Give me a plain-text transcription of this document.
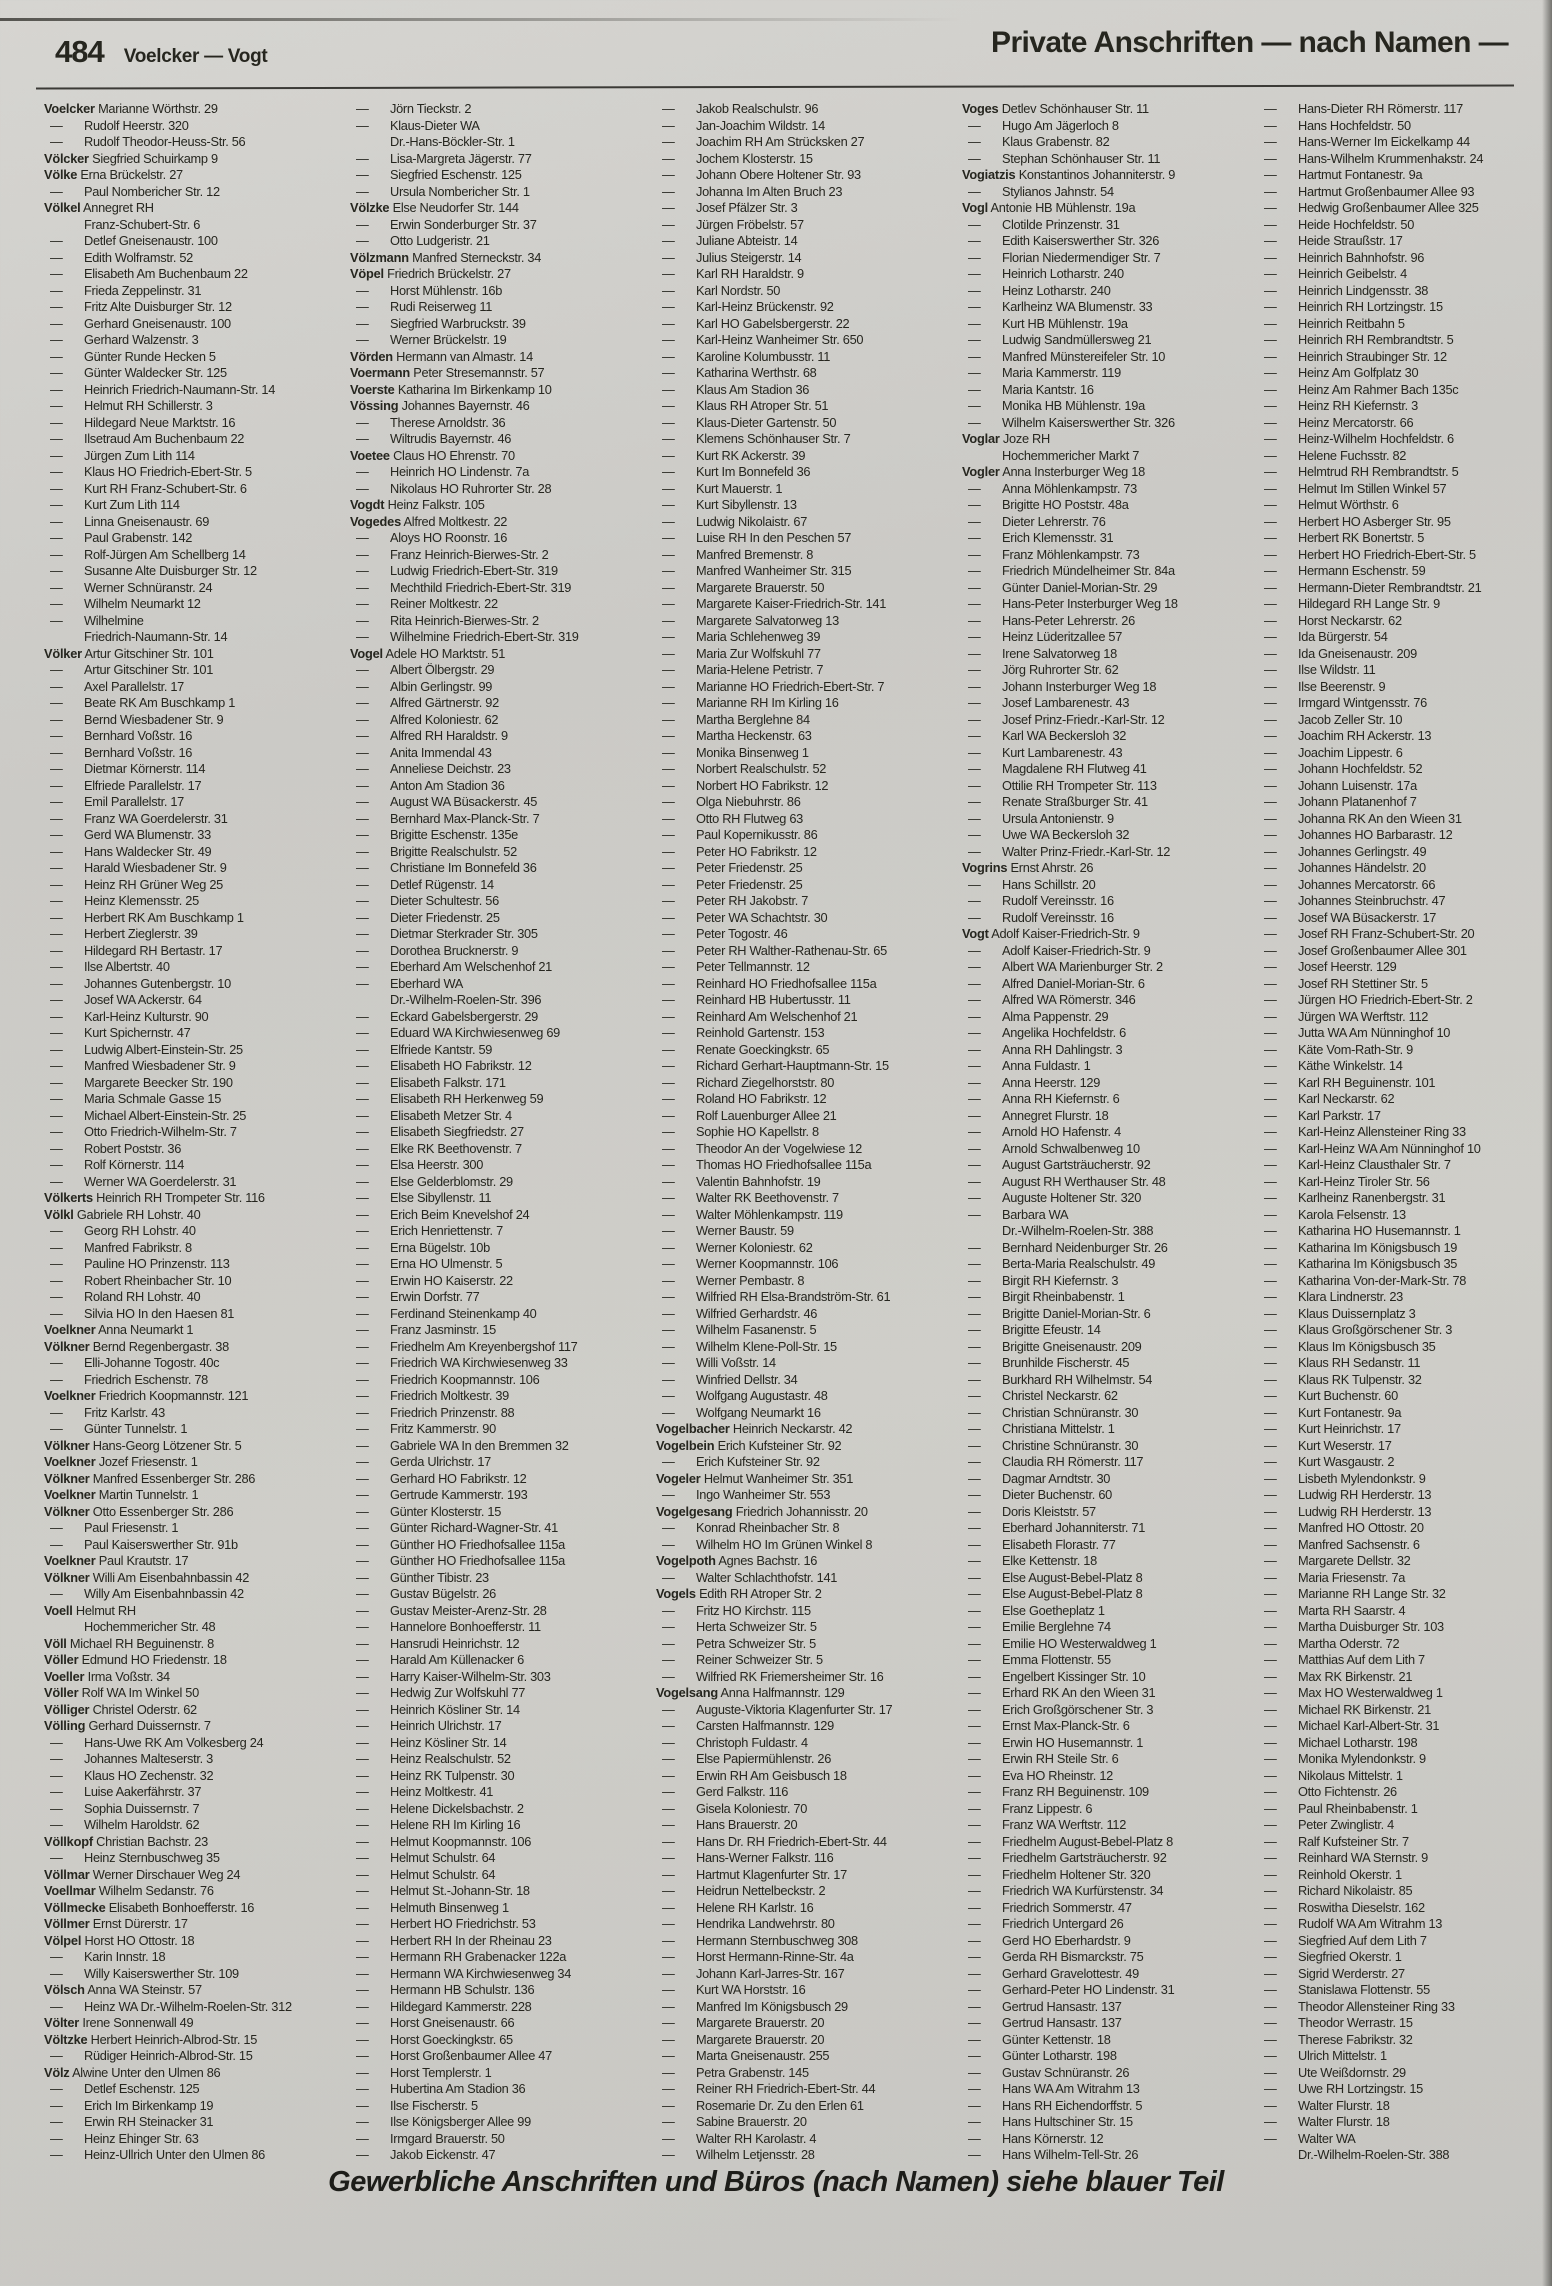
484 Voelcker — Vogt	Private Anschriften — nach Namen —
Voelcker Marianne Wörthstr. 29
— Rudolf Heerstr. 320
— Rudolf Theodor-Heuss-Str. 56
Völcker Siegfried Schuirkamp 9
Völke Erna Brückelstr. 27
— Paul Nombericher Str. 12
Völkel Annegret RH
Franz-Schubert-Str. 6
— Detlef Gneisenaustr. 100
— Edith Wolframstr. 52
— Elisabeth Am Buchenbaum 22
— Frieda Zeppelinstr. 31
— Fritz Alte Duisburger Str. 12
— Gerhard Gneisenaustr. 100
— Gerhard Walzenstr. 3
— Günter Runde Hecken 5
— Günter Waldecker Str. 125
— Heinrich Friedrich-Naumann-Str. 14
— Helmut RH Schillerstr. 3
— Hildegard Neue Marktstr. 16
— Ilsetraud Am Buchenbaum 22
— Jürgen Zum Lith 114
— Klaus HO Friedrich-Ebert-Str. 5
— Kurt RH Franz-Schubert-Str. 6
— Kurt Zum Lith 114
— Linna Gneisenaustr. 69
— Paul Grabenstr. 142
— Rolf-Jürgen Am Schellberg 14
— Susanne Alte Duisburger Str. 12
— Werner Schnüranstr. 24
— Wilhelm Neumarkt 12
— Wilhelmine
Friedrich-Naumann-Str. 14
Völker Artur Gitschiner Str. 101
— Artur Gitschiner Str. 101
— Axel Parallelstr. 17
— Beate RK Am Buschkamp 1
— Bernd Wiesbadener Str. 9
— Bernhard Voßstr. 16
— Bernhard Voßstr. 16
— Dietmar Körnerstr. 114
— Elfriede Parallelstr. 17
— Emil Parallelstr. 17
— Franz WA Goerdelerstr. 31
— Gerd WA Blumenstr. 33
— Hans Waldecker Str. 49
— Harald Wiesbadener Str. 9
— Heinz RH Grüner Weg 25
— Heinz Klemensstr. 25
— Herbert RK Am Buschkamp 1
— Herbert Zieglerstr. 39
— Hildegard RH Bertastr. 17
— Ilse Albertstr. 40
— Johannes Gutenbergstr. 10
— Josef WA Ackerstr. 64
— Karl-Heinz Kulturstr. 90
— Kurt Spichernstr. 47
— Ludwig Albert-Einstein-Str. 25
— Manfred Wiesbadener Str. 9
— Margarete Beecker Str. 190
— Maria Schmale Gasse 15
— Michael Albert-Einstein-Str. 25
— Otto Friedrich-Wilhelm-Str. 7
— Robert Poststr. 36
— Rolf Körnerstr. 114
— Werner WA Goerdelerstr. 31
Völkerts Heinrich RH Trompeter Str. 116
Völkl Gabriele RH Lohstr. 40
— Georg RH Lohstr. 40
— Manfred Fabrikstr. 8
— Pauline HO Prinzenstr. 113
— Robert Rheinbacher Str. 10
— Roland RH Lohstr. 40
— Silvia HO In den Haesen 81
Voelkner Anna Neumarkt 1
Völkner Bernd Regenbergastr. 38
— Elli-Johanne Togostr. 40c
— Friedrich Eschenstr. 78
Voelkner Friedrich Koopmannstr. 121
— Fritz Karlstr. 43
— Günter Tunnelstr. 1
Völkner Hans-Georg Lötzener Str. 5
Voelkner Jozef Friesenstr. 1
Völkner Manfred Essenberger Str. 286
Voelkner Martin Tunnelstr. 1
Völkner Otto Essenberger Str. 286
— Paul Friesenstr. 1
— Paul Kaiserswerther Str. 91b
Voelkner Paul Krautstr. 17
Völkner Willi Am Eisenbahnbassin 42
— Willy Am Eisenbahnbassin 42
Voell Helmut RH
Hochemmericher Str. 48
Völl Michael RH Beguinenstr. 8
Völler Edmund HO Friedenstr. 18
Voeller Irma Voßstr. 34
Völler Rolf WA Im Winkel 50
Völliger Christel Oderstr. 62
Völling Gerhard Duissernstr. 7
— Hans-Uwe RK Am Volkesberg 24
— Johannes Malteserstr. 3
— Klaus HO Zechenstr. 32
— Luise Aakerfährstr. 37
— Sophia Duissernstr. 7
— Wilhelm Haroldstr. 62
Völlkopf Christian Bachstr. 23
— Heinz Sternbuschweg 35
Völlmar Werner Dirschauer Weg 24
Voellmar Wilhelm Sedanstr. 76
Völlmecke Elisabeth Bonhoefferstr. 16
Völlmer Ernst Dürerstr. 17
Völpel Horst HO Ottostr. 18
— Karin Innstr. 18
— Willy Kaiserswerther Str. 109
Völsch Anna WA Steinstr. 57
— Heinz WA Dr.-Wilhelm-Roelen-Str. 312
Völter Irene Sonnenwall 49
Völtzke Herbert Heinrich-Albrod-Str. 15
— Rüdiger Heinrich-Albrod-Str. 15
Völz Alwine Unter den Ulmen 86
— Detlef Eschenstr. 125
— Erich Im Birkenkamp 19
— Erwin RH Steinacker 31
— Heinz Ehinger Str. 63
— Heinz-Ullrich Unter den Ulmen 86
— Jörn Tieckstr. 2
— Klaus-Dieter WA
Dr.-Hans-Böckler-Str. 1
— Lisa-Margreta Jägerstr. 77
— Siegfried Eschenstr. 125
— Ursula Nombericher Str. 1
Völzke Else Neudorfer Str. 144
— Erwin Sonderburger Str. 37
— Otto Ludgeristr. 21
Völzmann Manfred Sterneckstr. 34
Vöpel Friedrich Brückelstr. 27
— Horst Mühlenstr. 16b
— Rudi Reiserweg 11
— Siegfried Warbruckstr. 39
— Werner Brückelstr. 19
Vörden Hermann van Almastr. 14
Voermann Peter Stresemannstr. 57
Voerste Katharina Im Birkenkamp 10
Vössing Johannes Bayernstr. 46
— Therese Arnoldstr. 36
— Wiltrudis Bayernstr. 46
Voetee Claus HO Ehrenstr. 70
— Heinrich HO Lindenstr. 7a
— Nikolaus HO Ruhrorter Str. 28
Vogdt Heinz Falkstr. 105
Vogedes Alfred Moltkestr. 22
— Aloys HO Roonstr. 16
— Franz Heinrich-Bierwes-Str. 2
— Ludwig Friedrich-Ebert-Str. 319
— Mechthild Friedrich-Ebert-Str. 319
— Reiner Moltkestr. 22
— Rita Heinrich-Bierwes-Str. 2
— Wilhelmine Friedrich-Ebert-Str. 319
Vogel Adele HO Marktstr. 51
— Albert Ölbergstr. 29
— Albin Gerlingstr. 99
— Alfred Gärtnerstr. 92
— Alfred Koloniestr. 62
— Alfred RH Haraldstr. 9
— Anita Immendal 43
— Anneliese Deichstr. 23
— Anton Am Stadion 36
— August WA Büsackerstr. 45
— Bernhard Max-Planck-Str. 7
— Brigitte Eschenstr. 135e
— Brigitte Realschulstr. 52
— Christiane Im Bonnefeld 36
— Detlef Rügenstr. 14
— Dieter Schultestr. 56
— Dieter Friedenstr. 25
— Dietmar Sterkrader Str. 305
— Dorothea Brucknerstr. 9
— Eberhard Am Welschenhof 21
— Eberhard WA
Dr.-Wilhelm-Roelen-Str. 396
— Eckard Gabelsbergerstr. 29
— Eduard WA Kirchwiesenweg 69
— Elfriede Kantstr. 59
— Elisabeth HO Fabrikstr. 12
— Elisabeth Falkstr. 171
— Elisabeth RH Herkenweg 59
— Elisabeth Metzer Str. 4
— Elisabeth Siegfriedstr. 27
— Elke RK Beethovenstr. 7
— Elsa Heerstr. 300
— Else Gelderblomstr. 29
— Else Sibyllenstr. 11
— Erich Beim Knevelshof 24
— Erich Henriettenstr. 7
— Erna Bügelstr. 10b
— Erna HO Ulmenstr. 5
— Erwin HO Kaiserstr. 22
— Erwin Dorfstr. 77
— Ferdinand Steinenkamp 40
— Franz Jasminstr. 15
— Friedhelm Am Kreyenbergshof 117
— Friedrich WA Kirchwiesenweg 33
— Friedrich Koopmannstr. 106
— Friedrich Moltkestr. 39
— Friedrich Prinzenstr. 88
— Fritz Kammerstr. 90
— Gabriele WA In den Bremmen 32
— Gerda Ulrichstr. 17
— Gerhard HO Fabrikstr. 12
— Gertrude Kammerstr. 193
— Günter Klosterstr. 15
— Günter Richard-Wagner-Str. 41
— Günther HO Friedhofsallee 115a
— Günther HO Friedhofsallee 115a
— Günther Tibistr. 23
— Gustav Bügelstr. 26
— Gustav Meister-Arenz-Str. 28
— Hannelore Bonhoefferstr. 11
— Hansrudi Heinrichstr. 12
— Harald Am Küllenacker 6
— Harry Kaiser-Wilhelm-Str. 303
— Hedwig Zur Wolfskuhl 77
— Heinrich Kösliner Str. 14
— Heinrich Ulrichstr. 17
— Heinz Kösliner Str. 14
— Heinz Realschulstr. 52
— Heinz RK Tulpenstr. 30
— Heinz Moltkestr. 41
— Helene Dickelsbachstr. 2
— Helene RH Im Kirling 16
— Helmut Koopmannstr. 106
— Helmut Schulstr. 64
— Helmut Schulstr. 64
— Helmut St.-Johann-Str. 18
— Helmuth Binsenweg 1
— Herbert HO Friedrichstr. 53
— Herbert RH In der Rheinau 23
— Hermann RH Grabenacker 122a
— Hermann WA Kirchwiesenweg 34
— Hermann HB Schulstr. 136
— Hildegard Kammerstr. 228
— Horst Gneisenaustr. 66
— Horst Goeckingkstr. 65
— Horst Großenbaumer Allee 47
— Horst Templerstr. 1
— Hubertina Am Stadion 36
— Ilse Fischerstr. 5
— Ilse Königsberger Allee 99
— Irmgard Brauerstr. 50
— Jakob Eickenstr. 47
— Jakob Realschulstr. 96
— Jan-Joachim Wildstr. 14
— Joachim RH Am Strücksken 27
— Jochem Klosterstr. 15
— Johann Obere Holtener Str. 93
— Johanna Im Alten Bruch 23
— Josef Pfälzer Str. 3
— Jürgen Fröbelstr. 57
— Juliane Abteistr. 14
— Julius Steigerstr. 14
— Karl RH Haraldstr. 9
— Karl Nordstr. 50
— Karl-Heinz Brückenstr. 92
— Karl HO Gabelsbergerstr. 22
— Karl-Heinz Wanheimer Str. 650
— Karoline Kolumbusstr. 11
— Katharina Werthstr. 68
— Klaus Am Stadion 36
— Klaus RH Atroper Str. 51
— Klaus-Dieter Gartenstr. 50
— Klemens Schönhauser Str. 7
— Kurt RK Ackerstr. 39
— Kurt Im Bonnefeld 36
— Kurt Mauerstr. 1
— Kurt Sibyllenstr. 13
— Ludwig Nikolaistr. 67
— Luise RH In den Peschen 57
— Manfred Bremenstr. 8
— Manfred Wanheimer Str. 315
— Margarete Brauerstr. 50
— Margarete Kaiser-Friedrich-Str. 141
— Margarete Salvatorweg 13
— Maria Schlehenweg 39
— Maria Zur Wolfskuhl 77
— Maria-Helene Petristr. 7
— Marianne HO Friedrich-Ebert-Str. 7
— Marianne RH Im Kirling 16
— Martha Berglehne 84
— Martha Heckenstr. 63
— Monika Binsenweg 1
— Norbert Realschulstr. 52
— Norbert HO Fabrikstr. 12
— Olga Niebuhrstr. 86
— Otto RH Flutweg 63
— Paul Kopernikusstr. 86
— Peter HO Fabrikstr. 12
— Peter Friedenstr. 25
— Peter Friedenstr. 25
— Peter RH Jakobstr. 7
— Peter WA Schachtstr. 30
— Peter Togostr. 46
— Peter RH Walther-Rathenau-Str. 65
— Peter Tellmannstr. 12
— Reinhard HO Friedhofsallee 115a
— Reinhard HB Hubertusstr. 11
— Reinhard Am Welschenhof 21
— Reinhold Gartenstr. 153
— Renate Goeckingkstr. 65
— Richard Gerhart-Hauptmann-Str. 15
— Richard Ziegelhorststr. 80
— Roland HO Fabrikstr. 12
— Rolf Lauenburger Allee 21
— Sophie HO Kapellstr. 8
— Theodor An der Vogelwiese 12
— Thomas HO Friedhofsallee 115a
— Valentin Bahnhofstr. 19
— Walter RK Beethovenstr. 7
— Walter Möhlenkampstr. 119
— Werner Baustr. 59
— Werner Koloniestr. 62
— Werner Koopmannstr. 106
— Werner Pembastr. 8
— Wilfried RH Elsa-Brandström-Str. 61
— Wilfried Gerhardstr. 46
— Wilhelm Fasanenstr. 5
— Wilhelm Klene-Poll-Str. 15
— Willi Voßstr. 14
— Winfried Dellstr. 34
— Wolfgang Augustastr. 48
— Wolfgang Neumarkt 16
Vogelbacher Heinrich Neckarstr. 42
Vogelbein Erich Kufsteiner Str. 92
— Erich Kufsteiner Str. 92
Vogeler Helmut Wanheimer Str. 351
— Ingo Wanheimer Str. 553
Vogelgesang Friedrich Johannisstr. 20
— Konrad Rheinbacher Str. 8
— Wilhelm HO Im Grünen Winkel 8
Vogelpoth Agnes Bachstr. 16
— Walter Schlachthofstr. 141
Vogels Edith RH Atroper Str. 2
— Fritz HO Kirchstr. 115
— Herta Schweizer Str. 5
— Petra Schweizer Str. 5
— Reiner Schweizer Str. 5
— Wilfried RK Friemersheimer Str. 16
Vogelsang Anna Halfmannstr. 129
— Auguste-Viktoria Klagenfurter Str. 17
— Carsten Halfmannstr. 129
— Christoph Fuldastr. 4
— Else Papiermühlenstr. 26
— Erwin RH Am Geisbusch 18
— Gerd Falkstr. 116
— Gisela Koloniestr. 70
— Hans Brauerstr. 20
— Hans Dr. RH Friedrich-Ebert-Str. 44
— Hans-Werner Falkstr. 116
— Hartmut Klagenfurter Str. 17
— Heidrun Nettelbeckstr. 2
— Helene RH Karlstr. 16
— Hendrika Landwehrstr. 80
— Hermann Sternbuschweg 308
— Horst Hermann-Rinne-Str. 4a
— Johann Karl-Jarres-Str. 167
— Kurt WA Horststr. 16
— Manfred Im Königsbusch 29
— Margarete Brauerstr. 20
— Margarete Brauerstr. 20
— Marta Gneisenaustr. 255
— Petra Grabenstr. 145
— Reiner RH Friedrich-Ebert-Str. 44
— Rosemarie Dr. Zu den Erlen 61
— Sabine Brauerstr. 20
— Walter RH Karolastr. 4
— Wilhelm Letjensstr. 28
Voges Detlev Schönhauser Str. 11
— Hugo Am Jägerloch 8
— Klaus Grabenstr. 82
— Stephan Schönhauser Str. 11
Vogiatzis Konstantinos Johanniterstr. 9
— Stylianos Jahnstr. 54
Vogl Antonie HB Mühlenstr. 19a
— Clotilde Prinzenstr. 31
— Edith Kaiserswerther Str. 326
— Florian Niedermendiger Str. 7
— Heinrich Lotharstr. 240
— Heinz Lotharstr. 240
— Karlheinz WA Blumenstr. 33
— Kurt HB Mühlenstr. 19a
— Ludwig Sandmüllersweg 21
— Manfred Münstereifeler Str. 10
— Maria Kammerstr. 119
— Maria Kantstr. 16
— Monika HB Mühlenstr. 19a
— Wilhelm Kaiserswerther Str. 326
Voglar Joze RH
Hochemmericher Markt 7
Vogler Anna Insterburger Weg 18
— Anna Möhlenkampstr. 73
— Brigitte HO Poststr. 48a
— Dieter Lehrerstr. 76
— Erich Klemensstr. 31
— Franz Möhlenkampstr. 73
— Friedrich Mündelheimer Str. 84a
— Günter Daniel-Morian-Str. 29
— Hans-Peter Insterburger Weg 18
— Hans-Peter Lehrerstr. 26
— Heinz Lüderitzallee 57
— Irene Salvatorweg 18
— Jörg Ruhrorter Str. 62
— Johann Insterburger Weg 18
— Josef Lambarenestr. 43
— Josef Prinz-Friedr.-Karl-Str. 12
— Karl WA Beckersloh 32
— Kurt Lambarenestr. 43
— Magdalene RH Flutweg 41
— Ottilie RH Trompeter Str. 113
— Renate Straßburger Str. 41
— Ursula Antonienstr. 9
— Uwe WA Beckersloh 32
— Walter Prinz-Friedr.-Karl-Str. 12
Vogrins Ernst Ahrstr. 26
— Hans Schillstr. 20
— Rudolf Vereinsstr. 16
— Rudolf Vereinsstr. 16
Vogt Adolf Kaiser-Friedrich-Str. 9
— Adolf Kaiser-Friedrich-Str. 9
— Albert WA Marienburger Str. 2
— Alfred Daniel-Morian-Str. 6
— Alfred WA Römerstr. 346
— Alma Pappenstr. 29
— Angelika Hochfeldstr. 6
— Anna RH Dahlingstr. 3
— Anna Fuldastr. 1
— Anna Heerstr. 129
— Anna RH Kiefernstr. 6
— Annegret Flurstr. 18
— Arnold HO Hafenstr. 4
— Arnold Schwalbenweg 10
— August Gartsträucherstr. 92
— August RH Werthauser Str. 48
— Auguste Holtener Str. 320
— Barbara WA
Dr.-Wilhelm-Roelen-Str. 388
— Bernhard Neidenburger Str. 26
— Berta-Maria Realschulstr. 49
— Birgit RH Kiefernstr. 3
— Birgit Rheinbabenstr. 1
— Brigitte Daniel-Morian-Str. 6
— Brigitte Efeustr. 14
— Brigitte Gneisenaustr. 209
— Brunhilde Fischerstr. 45
— Burkhard RH Wilhelmstr. 54
— Christel Neckarstr. 62
— Christian Schnüranstr. 30
— Christiana Mittelstr. 1
— Christine Schnüranstr. 30
— Claudia RH Römerstr. 117
— Dagmar Arndtstr. 30
— Dieter Buchenstr. 60
— Doris Kleiststr. 57
— Eberhard Johanniterstr. 71
— Elisabeth Florastr. 77
— Elke Kettenstr. 18
— Else August-Bebel-Platz 8
— Else August-Bebel-Platz 8
— Else Goetheplatz 1
— Emilie Berglehne 74
— Emilie HO Westerwaldweg 1
— Emma Flottenstr. 55
— Engelbert Kissinger Str. 10
— Erhard RK An den Wieen 31
— Erich Großgörschener Str. 3
— Ernst Max-Planck-Str. 6
— Erwin HO Husemannstr. 1
— Erwin RH Steile Str. 6
— Eva HO Rheinstr. 12
— Franz RH Beguinenstr. 109
— Franz Lippestr. 6
— Franz WA Werftstr. 112
— Friedhelm August-Bebel-Platz 8
— Friedhelm Gartsträucherstr. 92
— Friedhelm Holtener Str. 320
— Friedrich WA Kurfürstenstr. 34
— Friedrich Sommerstr. 47
— Friedrich Untergard 26
— Gerd HO Eberhardstr. 9
— Gerda RH Bismarckstr. 75
— Gerhard Gravelottestr. 49
— Gerhard-Peter HO Lindenstr. 31
— Gertrud Hansastr. 137
— Gertrud Hansastr. 137
— Günter Kettenstr. 18
— Günter Lotharstr. 198
— Gustav Schnüranstr. 26
— Hans WA Am Witrahm 13
— Hans RH Eichendorffstr. 5
— Hans Hultschiner Str. 15
— Hans Körnerstr. 12
— Hans Wilhelm-Tell-Str. 26
— Hans-Dieter RH Römerstr. 117
— Hans Hochfeldstr. 50
— Hans-Werner Im Eickelkamp 44
— Hans-Wilhelm Krummenhakstr. 24
— Hartmut Fontanestr. 9a
— Hartmut Großenbaumer Allee 93
— Hedwig Großenbaumer Allee 325
— Heide Hochfeldstr. 50
— Heide Straußstr. 17
— Heinrich Bahnhofstr. 96
— Heinrich Geibelstr. 4
— Heinrich Lindgensstr. 38
— Heinrich RH Lortzingstr. 15
— Heinrich Reitbahn 5
— Heinrich RH Rembrandtstr. 5
— Heinrich Straubinger Str. 12
— Heinz Am Golfplatz 30
— Heinz Am Rahmer Bach 135c
— Heinz RH Kiefernstr. 3
— Heinz Mercatorstr. 66
— Heinz-Wilhelm Hochfeldstr. 6
— Helene Fuchsstr. 82
— Helmtrud RH Rembrandtstr. 5
— Helmut Im Stillen Winkel 57
— Helmut Wörthstr. 6
— Herbert HO Asberger Str. 95
— Herbert RK Bonertstr. 5
— Herbert HO Friedrich-Ebert-Str. 5
— Hermann Eschenstr. 59
— Hermann-Dieter Rembrandtstr. 21
— Hildegard RH Lange Str. 9
— Horst Neckarstr. 62
— Ida Bürgerstr. 54
— Ida Gneisenaustr. 209
— Ilse Wildstr. 11
— Ilse Beerenstr. 9
— Irmgard Wintgensstr. 76
— Jacob Zeller Str. 10
— Joachim RH Ackerstr. 13
— Joachim Lippestr. 6
— Johann Hochfeldstr. 52
— Johann Luisenstr. 17a
— Johann Platanenhof 7
— Johanna RK An den Wieen 31
— Johannes HO Barbarastr. 12
— Johannes Gerlingstr. 49
— Johannes Händelstr. 20
— Johannes Mercatorstr. 66
— Johannes Steinbruchstr. 47
— Josef WA Büsackerstr. 17
— Josef RH Franz-Schubert-Str. 20
— Josef Großenbaumer Allee 301
— Josef Heerstr. 129
— Josef RH Stettiner Str. 5
— Jürgen HO Friedrich-Ebert-Str. 2
— Jürgen WA Werftstr. 112
— Jutta WA Am Nünninghof 10
— Käte Vom-Rath-Str. 9
— Käthe Winkelstr. 14
— Karl RH Beguinenstr. 101
— Karl Neckarstr. 62
— Karl Parkstr. 17
— Karl-Heinz Allensteiner Ring 33
— Karl-Heinz WA Am Nünninghof 10
— Karl-Heinz Clausthaler Str. 7
— Karl-Heinz Tiroler Str. 56
— Karlheinz Ranenbergstr. 31
— Karola Felsenstr. 13
— Katharina HO Husemannstr. 1
— Katharina Im Königsbusch 19
— Katharina Im Königsbusch 35
— Katharina Von-der-Mark-Str. 78
— Klara Lindnerstr. 23
— Klaus Duissernplatz 3
— Klaus Großgörschener Str. 3
— Klaus Im Königsbusch 35
— Klaus RH Sedanstr. 11
— Klaus RK Tulpenstr. 32
— Kurt Buchenstr. 60
— Kurt Fontanestr. 9a
— Kurt Heinrichstr. 17
— Kurt Weserstr. 17
— Kurt Wasgaustr. 2
— Lisbeth Mylendonkstr. 9
— Ludwig RH Herderstr. 13
— Ludwig RH Herderstr. 13
— Manfred HO Ottostr. 20
— Manfred Sachsenstr. 6
— Margarete Dellstr. 32
— Maria Friesenstr. 7a
— Marianne RH Lange Str. 32
— Marta RH Saarstr. 4
— Martha Duisburger Str. 103
— Martha Oderstr. 72
— Matthias Auf dem Lith 7
— Max RK Birkenstr. 21
— Max HO Westerwaldweg 1
— Michael RK Birkenstr. 21
— Michael Karl-Albert-Str. 31
— Michael Lotharstr. 198
— Monika Mylendonkstr. 9
— Nikolaus Mittelstr. 1
— Otto Fichtenstr. 26
— Paul Rheinbabenstr. 1
— Peter Zwinglistr. 4
— Ralf Kufsteiner Str. 7
— Reinhard WA Sternstr. 9
— Reinhold Okerstr. 1
— Richard Nikolaistr. 85
— Roswitha Dieselstr. 162
— Rudolf WA Am Witrahm 13
— Siegfried Auf dem Lith 7
— Siegfried Okerstr. 1
— Sigrid Werderstr. 27
— Stanislawa Flottenstr. 55
— Theodor Allensteiner Ring 33
— Theodor Werrastr. 15
— Therese Fabrikstr. 32
— Ulrich Mittelstr. 1
— Ute Weißdornstr. 29
— Uwe RH Lortzingstr. 15
— Walter Flurstr. 18
— Walter Flurstr. 18
— Walter WA
Dr.-Wilhelm-Roelen-Str. 388
Gewerbliche Anschriften und Büros (nach Namen) siehe blauer Teil
